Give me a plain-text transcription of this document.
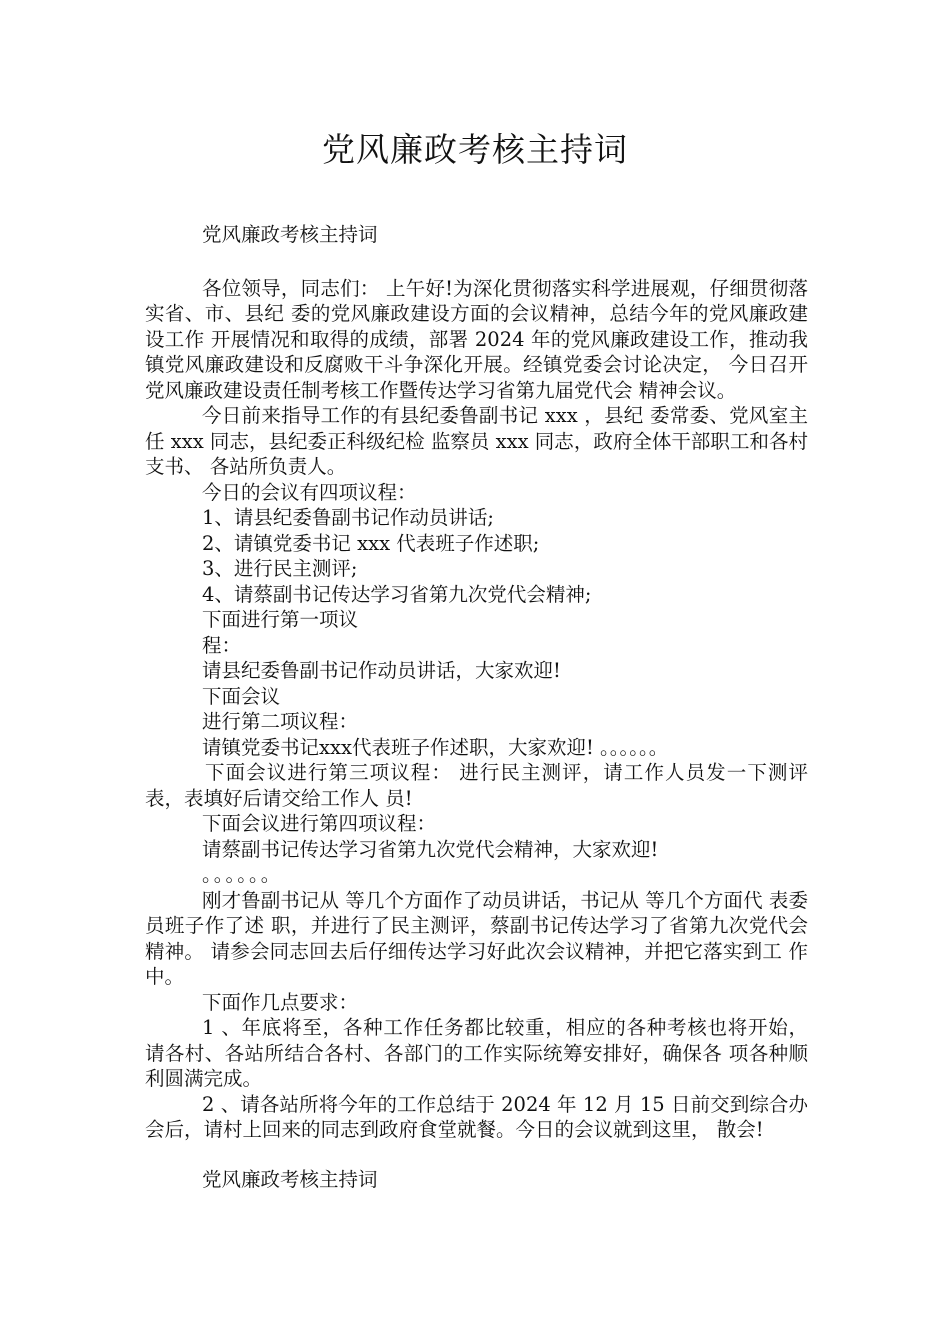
党风廉政考核主持词

党风廉政考核主持词

各位领导，同志们： 上午好!为深化贯彻落实科学进展观，仔细贯彻落实省、市、县纪 委的党风廉政建设方面的会议精神，总结今年的党风廉政建设工作 开展情况和取得的成绩，部署 2024 年的党风廉政建设工作，推动我 镇党风廉政建设和反腐败干斗争深化开展。经镇党委会讨论决定， 今日召开党风廉政建设责任制考核工作暨传达学习省第九届党代会 精神会议。

今日前来指导工作的有县纪委鲁副书记 xxx ，县纪 委常委、党风室主任 xxx 同志，县纪委正科级纪检 监察员 xxx 同志，政府全体干部职工和各村支书、 各站所负责人。

今日的会议有四项议程：

1、请县纪委鲁副书记作动员讲话;

2、请镇党委书记 xxx 代表班子作述职;

3、进行民主测评;

4、请蔡副书记传达学习省第九次党代会精神;

下面进行第一项议

程：

请县纪委鲁副书记作动员讲话，大家欢迎!

下面会议

进行第二项议程：

请镇党委书记xxx代表班子作述职，大家欢迎! 。。。。。。

下面会议进行第三项议程： 进行民主测评，请工作人员发一下测评表，表填好后请交给工作人 员!

下面会议进行第四项议程：

请蔡副书记传达学习省第九次党代会精神，大家欢迎!

。。。。。。

刚才鲁副书记从 等几个方面作了动员讲话，书记从 等几个方面代 表委员班子作了述 职，并进行了民主测评，蔡副书记传达学习了省第九次党代会精神。 请参会同志回去后仔细传达学习好此次会议精神，并把它落实到工 作中。

下面作几点要求：

1 、年底将至，各种工作任务都比较重，相应的各种考核也将开始， 请各村、各站所结合各村、各部门的工作实际统筹安排好，确保各 项各种顺利圆满完成。

2 、请各站所将今年的工作总结于 2024 年 12 月 15 日前交到综合办 会后，请村上回来的同志到政府食堂就餐。今日的会议就到这里， 散会!

党风廉政考核主持词
